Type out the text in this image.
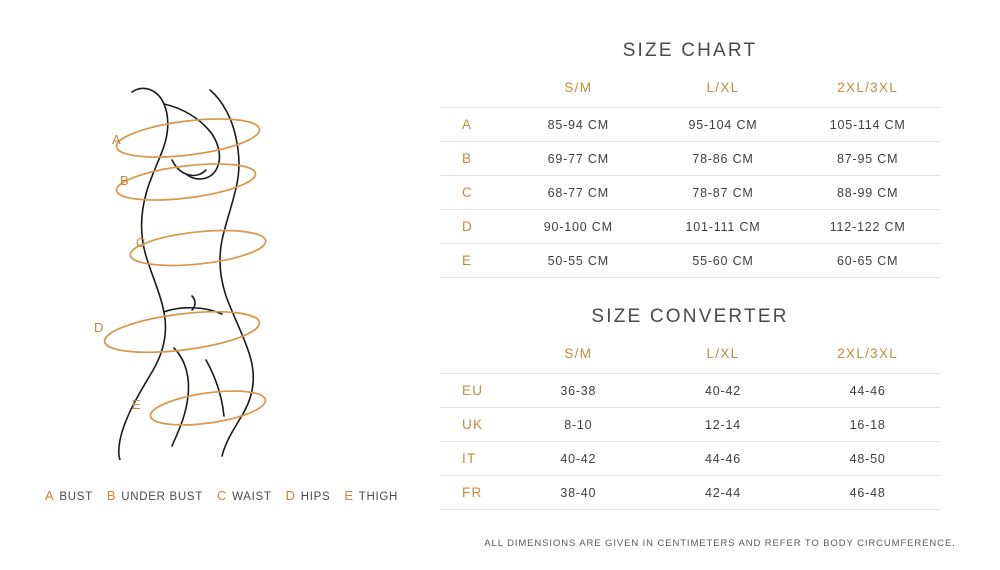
A
B
C
D
E
A BUST B UNDER BUST C WAIST D HIPS E THIGH
SIZE CHART
	S/M	L/XL	2XL/3XL
A	85-94 CM	95-104 CM	105-114 CM
B	69-77 CM	78-86 CM	87-95 CM
C	68-77 CM	78-87 CM	88-99 CM
D	90-100 CM	101-111 CM	112-122 CM
E	50-55 CM	55-60 CM	60-65 CM
SIZE CONVERTER
	S/M	L/XL	2XL/3XL
EU	36-38	40-42	44-46
UK	8-10	12-14	16-18
IT	40-42	44-46	48-50
FR	38-40	42-44	46-48
ALL DIMENSIONS ARE GIVEN IN CENTIMETERS AND REFER TO BODY CIRCUMFERENCE.
